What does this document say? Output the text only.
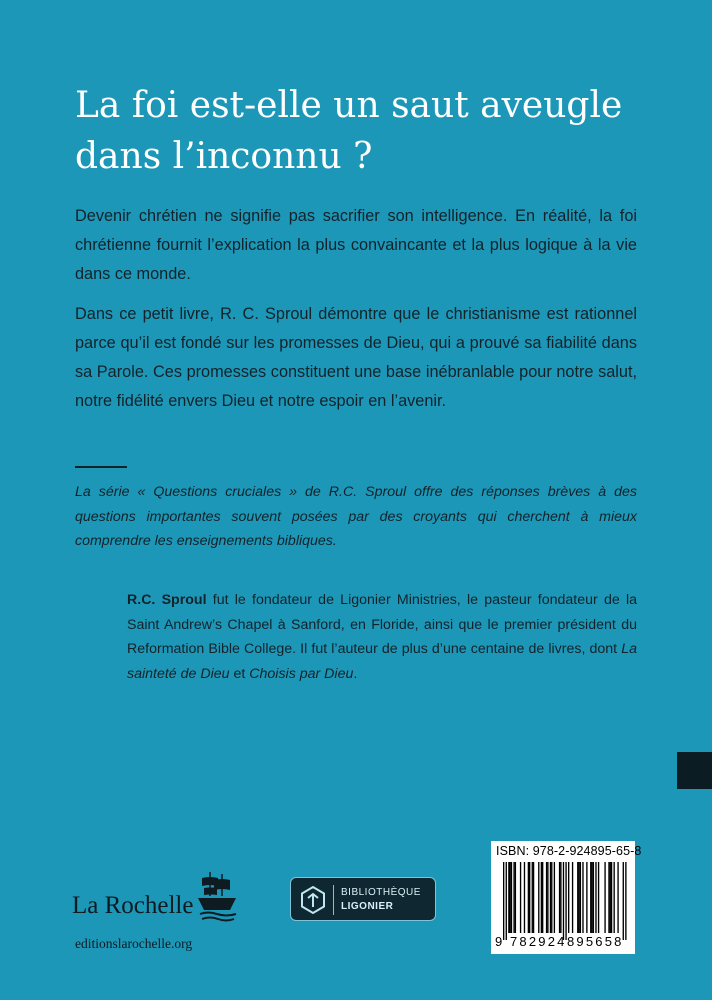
La foi est-elle un saut aveugle dans l’inconnu ?

Devenir chrétien ne signifie pas sacrifier son intelligence. En réalité, la foi chrétienne fournit l’explication la plus convaincante et la plus logique à la vie dans ce monde.

Dans ce petit livre, R. C. Sproul démontre que le christianisme est rationnel parce qu’il est fondé sur les promesses de Dieu, qui a prouvé sa fiabilité dans sa Parole. Ces promesses constituent une base inébranlable pour notre salut, notre fidélité envers Dieu et notre espoir en l’avenir.

La série « Questions cruciales » de R.C. Sproul offre des réponses brèves à des questions importantes souvent posées par des croyants qui cherchent à mieux comprendre les enseignements bibliques.

R.C. Sproul fut le fondateur de Ligonier Ministries, le pasteur fondateur de la Saint Andrew’s Chapel à Sanford, en Floride, ainsi que le premier président du Reformation Bible College. Il fut l’auteur de plus d’une centaine de livres, dont La sainteté de Dieu et Choisis par Dieu.

La Rochelle
editionslarochelle.org
BIBLIOTHÈQUE
LIGONIER
ISBN: 978-2-924895-65-8
9 782924 895658
